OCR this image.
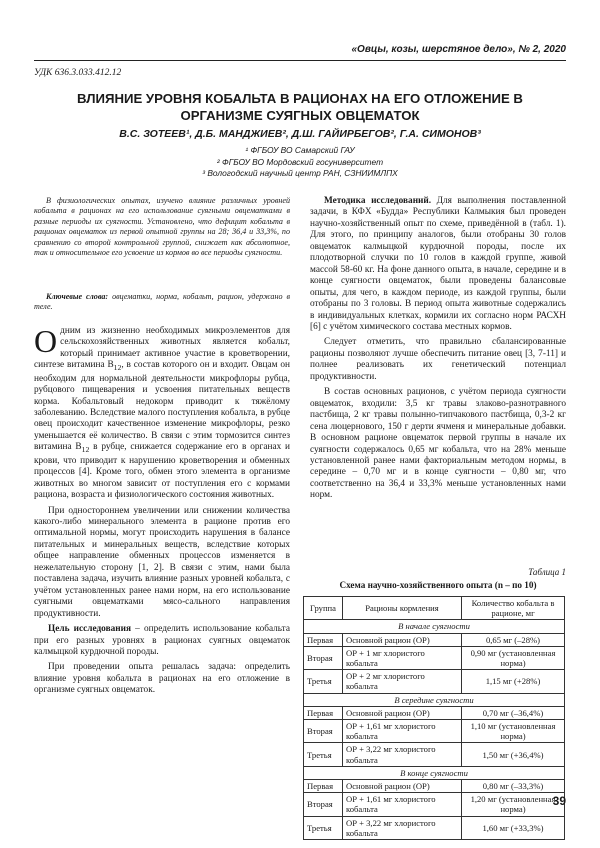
«Овцы, козы, шерстяное дело», № 2, 2020
УДК 636.3.033.412.12
ВЛИЯНИЕ УРОВНЯ КОБАЛЬТА В РАЦИОНАХ НА ЕГО ОТЛОЖЕНИЕ В ОРГАНИЗМЕ СУЯГНЫХ ОВЦЕМАТОК
В.С. ЗОТЕЕВ¹, Д.Б. МАНДЖИЕВ², Д.Ш. ГАЙИРБЕГОВ², Г.А. СИМОНОВ³
¹ ФГБОУ ВО Самарский ГАУ
² ФГБОУ ВО Мордовский госуниверситет
³ Вологодский научный центр РАН, СЗНИИМЛПХ
В физиологических опытах, изучено влияние различных уровней кобальта в рационах на его использование суягными овцематками в разные периоды их суягности. Установлено, что дефицит кобальта в рационах овцематок из первой опытной группы на 28; 36,4 и 33,3%, по сравнению со второй контрольной группой, снижает как абсолютное, так и относительное его усвоение из кормов во все периоды суягности.
Ключевые слова: овцематки, норма, кобальт, рацион, удержано в теле.

Одним из жизненно необходимых микроэлементов для сельскохозяйственных животных является кобальт, который принимает активное участие в кроветворении, синтезе витамина $B_{12}$, в состав которого он и входит. Овцам он необходим для нормальной деятельности микрофлоры рубца, рубцового пищеварения и усвоения питательных веществ корма. Кобальтовый недокорм приводит к тяжёлому заболеванию. Вследствие малого поступления кобальта, в рубце овец происходит качественное изменение микрофлоры, резко уменьшается её количество. В связи с этим тормозится синтез витамина $B_{12}$ в рубце, снижается содержание его в органах и крови, что приводит к нарушению кроветворения и обменных процессов [4]. Кроме того, обмен этого элемента в организме животных во многом зависит от поступления его с кормами рациона, возраста и физиологического состояния животных.

При одностороннем увеличении или снижении количества какого-либо минерального элемента в рационе против его оптимальной нормы, могут происходить нарушения в балансе питательных и минеральных веществ, вследствие которых общее направление обменных процессов изменяется в нежелательную сторону [1, 2]. В связи с этим, нами была поставлена задача, изучить влияние разных уровней кобальта, с учётом установленных ранее нами норм, на его использование суягными овцематками мясо-сального направления продуктивности.

Цель исследования – определить использование кобальта при его разных уровнях в рационах суягных овцематок калмыцкой курдючной породы.

При проведении опыта решалась задача: определить влияние уровня кобальта в рационах на его отложение в организме суягных овцематок.

Методика исследований. Для выполнения поставленной задачи, в КФХ «Будда» Республики Калмыкия был проведен научно-хозяйственный опыт по схеме, приведённой в (табл. 1). Для этого, по принципу аналогов, были отобраны 30 голов овцематок калмыцкой курдючной породы, после их плодотворной случки по 10 голов в каждой группе, живой массой 58-60 кг. На фоне данного опыта, в начале, середине и в конце суягности овцематок, были проведены балансовые опыты, для чего, в каждом периоде, из каждой группы, были отобраны по 3 головы. В период опыта животные содержались в индивидуальных клетках, кормили их согласно норм РАСХН [6] с учётом химического состава местных кормов.

Следует отметить, что правильно сбалансированные рационы позволяют лучше обеспечить питание овец [3, 7-11] и полнее реализовать их генетический потенциал продуктивности.

В состав основных рационов, с учётом периода суягности овцематок, входили: 3,5 кг травы злаково-разнотравного пастбища, 2 кг травы полынно-типчакового пастбища, 0,3-2 кг сена люцернового, 150 г дерти ячменя и минеральные добавки. В основном рационе овцематок первой группы в начале их суягности содержалось 0,65 мг кобальта, что на 28% меньше установленной ранее нами факториальным методом нормы, в середине – 0,70 мг и в конце суягности – 0,80 мг, что соответственно на 36,4 и 33,3% меньше установленных нами норм.

Таблица 1
Схема научно-хозяйственного опыта (n – по 10)
Группа	Рационы кормления	Количество кобальта в рационе, мг
В начале суягности		
Первая	Основной рацион (ОР)	0,65 мг (–28%)
Вторая	ОР + 1 мг хлористого кобальта	0,90 мг (установленная норма)
Третья	ОР + 2 мг хлористого кобальта	1,15 мг (+28%)
В середине суягности		
Первая	Основной рацион (ОР)	0,70 мг (–36,4%)
Вторая	ОР + 1,61 мг хлористого кобальта	1,10 мг (установленная норма)
Третья	ОР + 3,22 мг хлористого кобальта	1,50 мг (+36,4%)
В конце суягности		
Первая	Основной рацион (ОР)	0,80 мг (–33,3%)
Вторая	ОР + 1,61 мг хлористого кобальта	1,20 мг (установленная норма)
Третья	ОР + 3,22 мг хлористого кобальта	1,60 мг (+33,3%)
39
